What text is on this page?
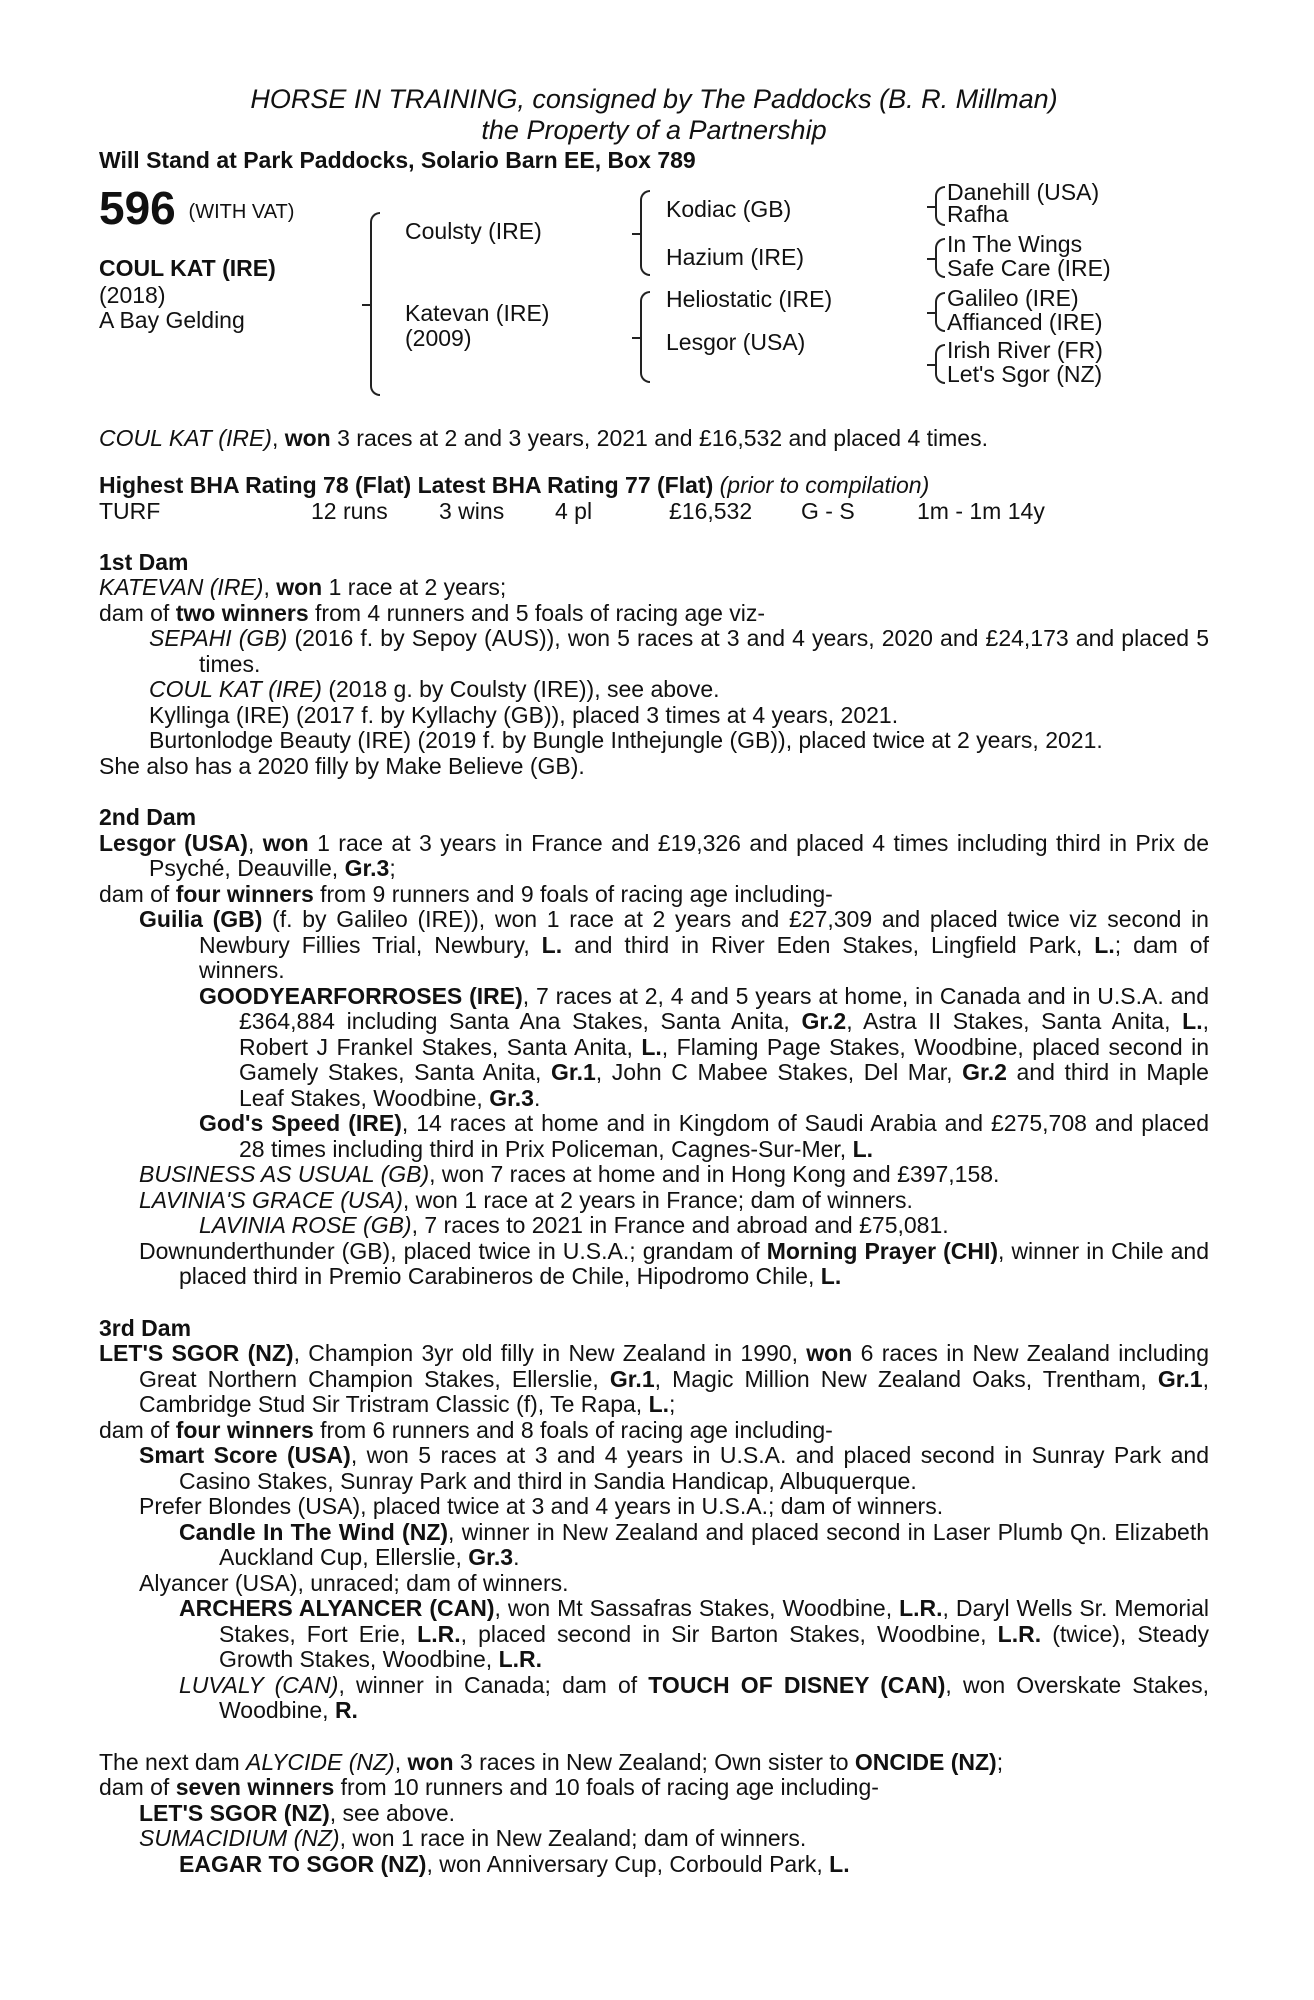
HORSE IN TRAINING, consigned by The Paddocks (B. R. Millman)
the Property of a Partnership
Will Stand at Park Paddocks, Solario Barn EE, Box 789
596 (WITH VAT)
COUL KAT (IRE)
(2018)
A Bay Gelding
Coulsty (IRE)
Katevan (IRE)
(2009)
Kodiac (GB)
Hazium (IRE)
Heliostatic (IRE)
Lesgor (USA)
Danehill (USA)
Rafha
In The Wings
Safe Care (IRE)
Galileo (IRE)
Affianced (IRE)
Irish River (FR)
Let's Sgor (NZ)
COUL KAT (IRE), won 3 races at 2 and 3 years, 2021 and £16,532 and placed 4 times.
Highest BHA Rating 78 (Flat) Latest BHA Rating 77 (Flat) (prior to compilation)
TURF	12 runs 3 wins 4 pl	£16,532 G - S	1m - 1m 14y
1st Dam

KATEVAN (IRE), won 1 race at 2 years;

dam of two winners from 4 runners and 5 foals of racing age viz-

SEPAHI (GB) (2016 f. by Sepoy (AUS)), won 5 races at 3 and 4 years, 2020 and £24,173 and placed 5 times.

COUL KAT (IRE) (2018 g. by Coulsty (IRE)), see above.

Kyllinga (IRE) (2017 f. by Kyllachy (GB)), placed 3 times at 4 years, 2021.

Burtonlodge Beauty (IRE) (2019 f. by Bungle Inthejungle (GB)), placed twice at 2 years, 2021.

She also has a 2020 filly by Make Believe (GB).

2nd Dam

Lesgor (USA), won 1 race at 3 years in France and £19,326 and placed 4 times including third in Prix de Psyché, Deauville, Gr.3;

dam of four winners from 9 runners and 9 foals of racing age including-

Guilia (GB) (f. by Galileo (IRE)), won 1 race at 2 years and £27,309 and placed twice viz second in Newbury Fillies Trial, Newbury, L. and third in River Eden Stakes, Lingfield Park, L.; dam of winners.

GOODYEARFORROSES (IRE), 7 races at 2, 4 and 5 years at home, in Canada and in U.S.A. and £364,884 including Santa Ana Stakes, Santa Anita, Gr.2, Astra II Stakes, Santa Anita, L., Robert J Frankel Stakes, Santa Anita, L., Flaming Page Stakes, Woodbine, placed second in Gamely Stakes, Santa Anita, Gr.1, John C Mabee Stakes, Del Mar, Gr.2 and third in Maple Leaf Stakes, Woodbine, Gr.3.

God's Speed (IRE), 14 races at home and in Kingdom of Saudi Arabia and £275,708 and placed 28 times including third in Prix Policeman, Cagnes-Sur-Mer, L.

BUSINESS AS USUAL (GB), won 7 races at home and in Hong Kong and £397,158.

LAVINIA'S GRACE (USA), won 1 race at 2 years in France; dam of winners.

LAVINIA ROSE (GB), 7 races to 2021 in France and abroad and £75,081.

Downunderthunder (GB), placed twice in U.S.A.; grandam of Morning Prayer (CHI), winner in Chile and placed third in Premio Carabineros de Chile, Hipodromo Chile, L.

3rd Dam

LET'S SGOR (NZ), Champion 3yr old filly in New Zealand in 1990, won 6 races in New Zealand including Great Northern Champion Stakes, Ellerslie, Gr.1, Magic Million New Zealand Oaks, Trentham, Gr.1, Cambridge Stud Sir Tristram Classic (f), Te Rapa, L.;

dam of four winners from 6 runners and 8 foals of racing age including-

Smart Score (USA), won 5 races at 3 and 4 years in U.S.A. and placed second in Sunray Park and Casino Stakes, Sunray Park and third in Sandia Handicap, Albuquerque.

Prefer Blondes (USA), placed twice at 3 and 4 years in U.S.A.; dam of winners.

Candle In The Wind (NZ), winner in New Zealand and placed second in Laser Plumb Qn. Elizabeth Auckland Cup, Ellerslie, Gr.3.

Alyancer (USA), unraced; dam of winners.

ARCHERS ALYANCER (CAN), won Mt Sassafras Stakes, Woodbine, L.R., Daryl Wells Sr. Memorial Stakes, Fort Erie, L.R., placed second in Sir Barton Stakes, Woodbine, L.R. (twice), Steady Growth Stakes, Woodbine, L.R.

LUVALY (CAN), winner in Canada; dam of TOUCH OF DISNEY (CAN), won Overskate Stakes, Woodbine, R.

The next dam ALYCIDE (NZ), won 3 races in New Zealand; Own sister to ONCIDE (NZ);

dam of seven winners from 10 runners and 10 foals of racing age including-

LET'S SGOR (NZ), see above.

SUMACIDIUM (NZ), won 1 race in New Zealand; dam of winners.

EAGAR TO SGOR (NZ), won Anniversary Cup, Corbould Park, L.
